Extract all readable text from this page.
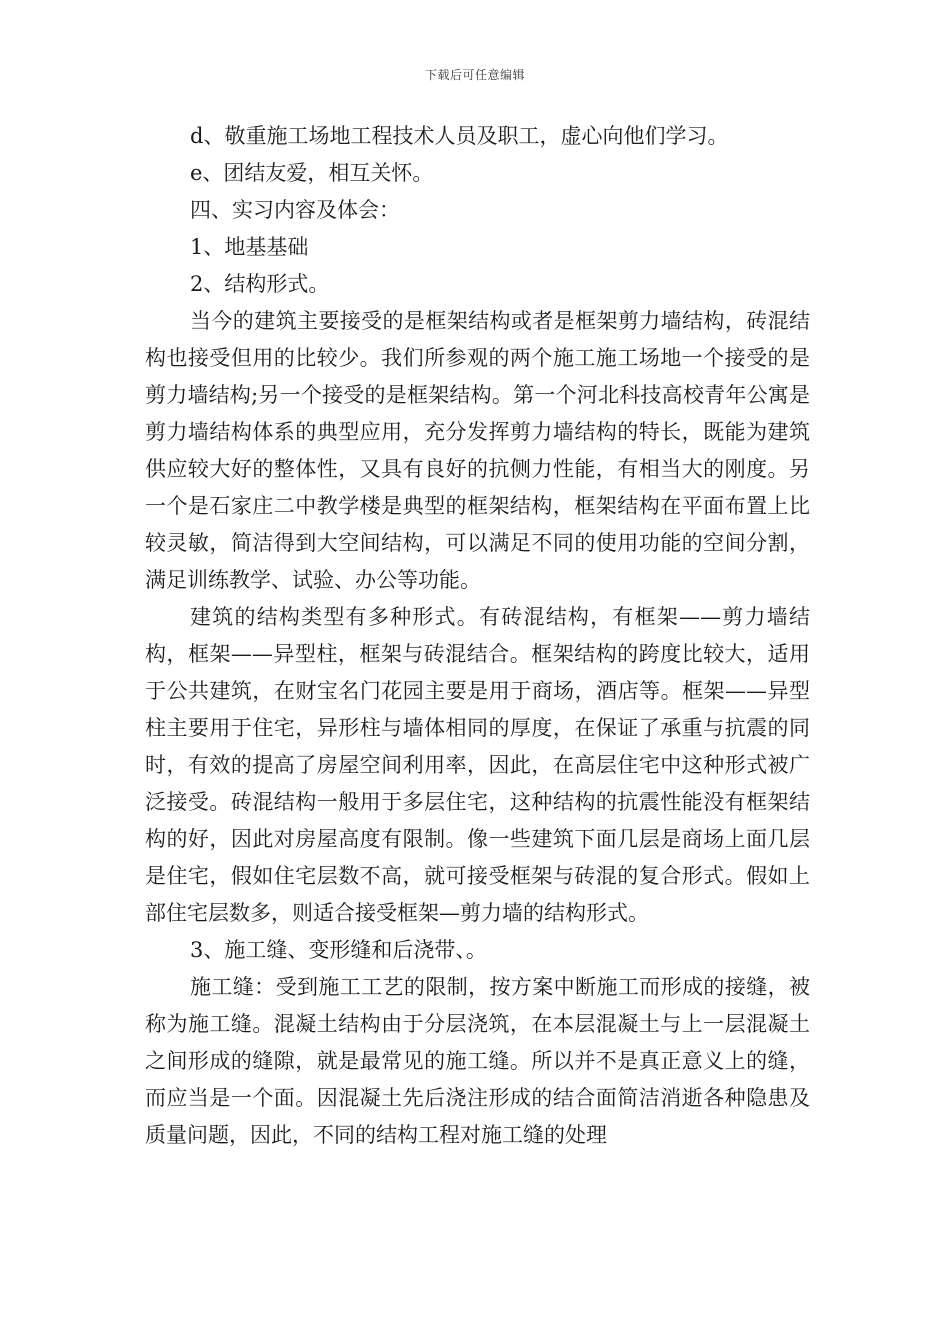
下载后可任意编辑
d、敬重施工场地工程技术人员及职工，虚心向他们学习。
e、团结友爱，相互关怀。
四、实习内容及体会：
1、地基基础
2、结构形式。

当今的建筑主要接受的是框架结构或者是框架剪力墙结构，砖混结构也接受但用的比较少。我们所参观的两个施工施工场地一个接受的是剪力墙结构;另一个接受的是框架结构。第一个河北科技高校青年公寓是剪力墙结构体系的典型应用，充分发挥剪力墙结构的特长，既能为建筑供应较大好的整体性，又具有良好的抗侧力性能，有相当大的刚度。另一个是石家庄二中教学楼是典型的框架结构，框架结构在平面布置上比较灵敏，简洁得到大空间结构，可以满足不同的使用功能的空间分割，满足训练教学、试验、办公等功能。

建筑的结构类型有多种形式。有砖混结构，有框架——剪力墙结构，框架——异型柱，框架与砖混结合。框架结构的跨度比较大，适用于公共建筑，在财宝名门花园主要是用于商场，酒店等。框架——异型柱主要用于住宅，异形柱与墙体相同的厚度，在保证了承重与抗震的同时，有效的提高了房屋空间利用率，因此，在高层住宅中这种形式被广泛接受。砖混结构一般用于多层住宅，这种结构的抗震性能没有框架结构的好，因此对房屋高度有限制。像一些建筑下面几层是商场上面几层是住宅，假如住宅层数不高，就可接受框架与砖混的复合形式。假如上部住宅层数多，则适合接受框架—剪力墙的结构形式。

3、施工缝、变形缝和后浇带、。

施工缝：受到施工工艺的限制，按方案中断施工而形成的接缝，被称为施工缝。混凝土结构由于分层浇筑，在本层混凝土与上一层混凝土之间形成的缝隙，就是最常见的施工缝。所以并不是真正意义上的缝，而应当是一个面。因混凝土先后浇注形成的结合面简洁消逝各种隐患及质量问题，因此，不同的结构工程对施工缝的处理
